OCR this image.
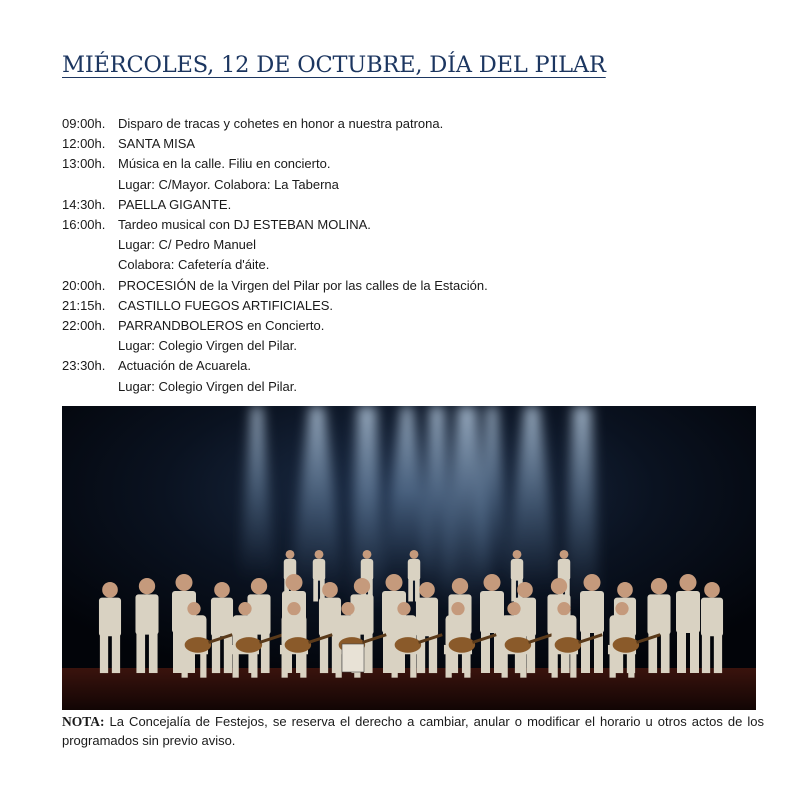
MIÉRCOLES, 12 DE OCTUBRE, DÍA DEL PILAR
09:00h. Disparo de tracas y cohetes en honor a nuestra patrona.
12:00h. SANTA MISA
13:00h. Música en la calle. Filiu en concierto.
Lugar: C/Mayor. Colabora: La Taberna
14:30h. PAELLA GIGANTE.
16:00h. Tardeo musical con DJ ESTEBAN MOLINA.
Lugar: C/ Pedro Manuel
Colabora: Cafetería d'áite.
20:00h. PROCESIÓN de la Virgen del Pilar por las calles de la Estación.
21:15h. CASTILLO FUEGOS ARTIFICIALES.
22:00h. PARRANDBOLEROS en Concierto.
Lugar: Colegio Virgen del Pilar.
23:30h. Actuación de Acuarela.
Lugar: Colegio Virgen del Pilar.
NOTA: La Concejalía de Festejos, se reserva el derecho a cambiar, anular o modificar el horario u otros actos de los programados sin previo aviso.
